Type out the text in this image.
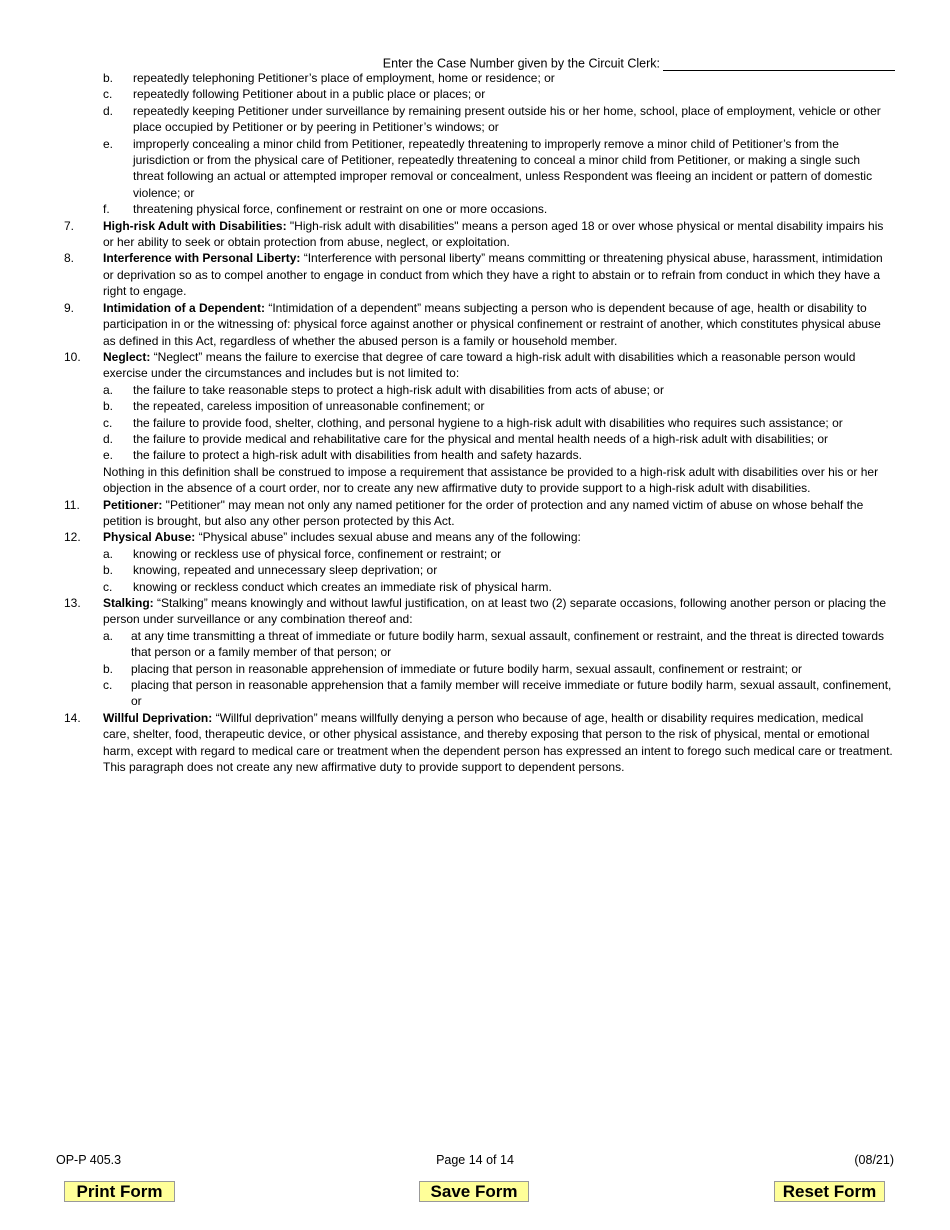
Enter the Case Number given by the Circuit Clerk:
b. repeatedly telephoning Petitioner’s place of employment, home or residence; or
c. repeatedly following Petitioner about in a public place or places; or
d. repeatedly keeping Petitioner under surveillance by remaining present outside his or her home, school, place of employment, vehicle or other place occupied by Petitioner or by peering in Petitioner’s windows; or
e. improperly concealing a minor child from Petitioner, repeatedly threatening to improperly remove a minor child of Petitioner’s from the jurisdiction or from the physical care of Petitioner, repeatedly threatening to conceal a minor child from Petitioner, or making a single such threat following an actual or attempted improper removal or concealment, unless Respondent was fleeing an incident or pattern of domestic violence; or
f. threatening physical force, confinement or restraint on one or more occasions.
7. High-risk Adult with Disabilities: "High-risk adult with disabilities" means a person aged 18 or over whose physical or mental disability impairs his or her ability to seek or obtain protection from abuse, neglect, or exploitation.
8. Interference with Personal Liberty: “Interference with personal liberty” means committing or threatening physical abuse, harassment, intimidation or deprivation so as to compel another to engage in conduct from which they have a right to abstain or to refrain from conduct in which they have a right to engage.
9. Intimidation of a Dependent: “Intimidation of a dependent” means subjecting a person who is dependent because of age, health or disability to participation in or the witnessing of: physical force against another or physical confinement or restraint of another, which constitutes physical abuse as defined in this Act, regardless of whether the abused person is a family or household member.
10. Neglect: “Neglect” means the failure to exercise that degree of care toward a high-risk adult with disabilities which a reasonable person would exercise under the circumstances and includes but is not limited to:
a. the failure to take reasonable steps to protect a high-risk adult with disabilities from acts of abuse; or
b. the repeated, careless imposition of unreasonable confinement; or
c. the failure to provide food, shelter, clothing, and personal hygiene to a high-risk adult with disabilities who requires such assistance; or
d. the failure to provide medical and rehabilitative care for the physical and mental health needs of a high-risk adult with disabilities; or
e. the failure to protect a high-risk adult with disabilities from health and safety hazards.
Nothing in this definition shall be construed to impose a requirement that assistance be provided to a high-risk adult with disabilities over his or her objection in the absence of a court order, nor to create any new affirmative duty to provide support to a high-risk adult with disabilities.
11. Petitioner: "Petitioner" may mean not only any named petitioner for the order of protection and any named victim of abuse on whose behalf the petition is brought, but also any other person protected by this Act.
12. Physical Abuse: “Physical abuse” includes sexual abuse and means any of the following:
a. knowing or reckless use of physical force, confinement or restraint; or
b. knowing, repeated and unnecessary sleep deprivation; or
c. knowing or reckless conduct which creates an immediate risk of physical harm.
13. Stalking: “Stalking” means knowingly and without lawful justification, on at least two (2) separate occasions, following another person or placing the person under surveillance or any combination thereof and:
a. at any time transmitting a threat of immediate or future bodily harm, sexual assault, confinement or restraint, and the threat is directed towards that person or a family member of that person; or
b. placing that person in reasonable apprehension of immediate or future bodily harm, sexual assault, confinement or restraint; or
c. placing that person in reasonable apprehension that a family member will receive immediate or future bodily harm, sexual assault, confinement, or
14. Willful Deprivation: “Willful deprivation” means willfully denying a person who because of age, health or disability requires medication, medical care, shelter, food, therapeutic device, or other physical assistance, and thereby exposing that person to the risk of physical, mental or emotional harm, except with regard to medical care or treatment when the dependent person has expressed an intent to forego such medical care or treatment. This paragraph does not create any new affirmative duty to provide support to dependent persons.
OP-P 405.3	Page 14 of 14	(08/21)
Print Form	Save Form	Reset Form
